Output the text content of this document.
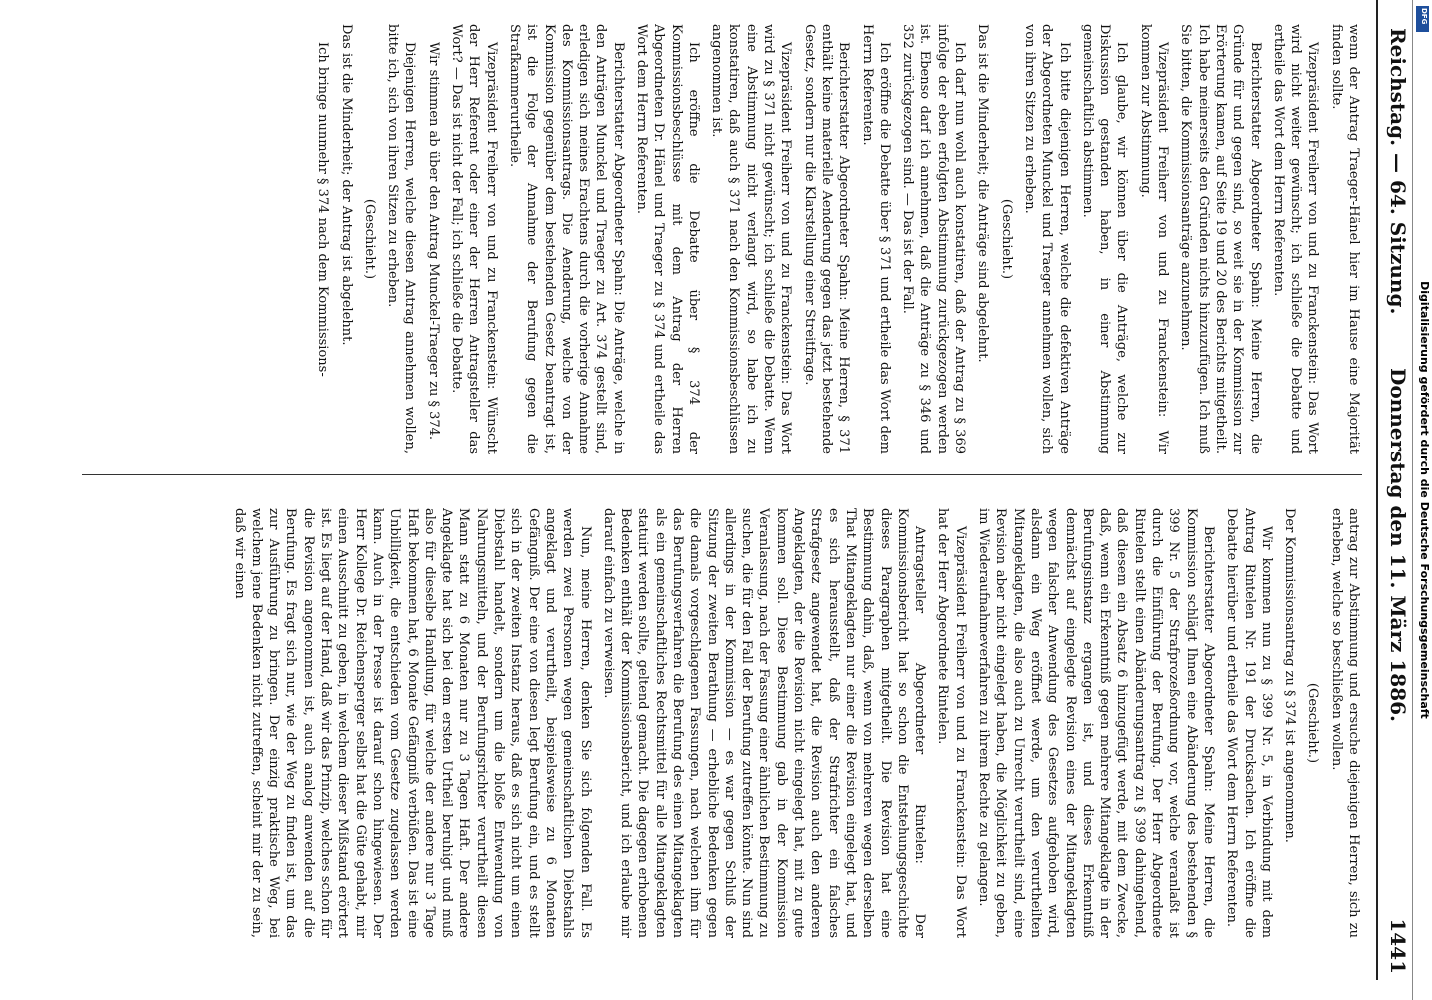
Reichstag. — 64. Sitzung.
Donnerstag den 11. März 1886.
1441

wenn der Antrag Traeger-Hänel hier im Hause eine Majorität finden sollte.

Vizepräsident Freiherr von und zu Franckenstein: Das Wort wird nicht weiter gewünscht; ich schließe die Debatte und ertheile das Wort dem Herrn Referenten.

Berichterstatter Abgeordneter Spahn: Meine Herren, die Gründe für und gegen sind, so weit sie in der Kommission zur Erörterung kamen, auf Seite 19 und 20 des Berichts mitgetheilt. Ich habe meinerseits den Gründen nichts hinzuzufügen. Ich muß Sie bitten, die Kommissionsanträge anzunehmen.

Vizepräsident Freiherr von und zu Franckenstein: Wir kommen zur Abstimmung.

Ich glaube, wir können über die Anträge, welche zur Diskussion gestanden haben, in einer Abstimmung gemeinschaftlich abstimmen.

Ich bitte diejenigen Herren, welche die defektiven Anträge der Abgeordneten Munckel und Traeger annehmen wollen, sich von ihren Sitzen zu erheben.

(Geschieht.)

Das ist die Minderheit; die Anträge sind abgelehnt.

Ich darf nun wohl auch konstatiren, daß der Antrag zu § 369 infolge der eben erfolgten Abstimmung zurückgezogen werden ist. Ebenso darf ich annehmen, daß die Anträge zu § 346 und 352 zurückgezogen sind. — Das ist der Fall.

Ich eröffne die Debatte über § 371 und ertheile das Wort dem Herrn Referenten.

Berichterstatter Abgeordneter Spahn: Meine Herren, § 371 enthält keine materielle Aenderung gegen das jetzt bestehende Gesetz, sondern nur die Klarstellung einer Streitfrage.

Vizepräsident Freiherr von und zu Franckenstein: Das Wort wird zu § 371 nicht gewünscht; ich schließe die Debatte. Wenn eine Abstimmung nicht verlangt wird, so habe ich zu konstatiren, daß auch § 371 nach den Kommissionsbeschlüssen angenommen ist.

Ich eröffne die Debatte über § 374 der Kommissionsbeschlüsse mit dem Antrag der Herren Abgeordneten Dr. Hänel und Traeger zu § 374 und ertheile das Wort dem Herrn Referenten.

Berichterstatter Abgeordneter Spahn: Die Anträge, welche in den Anträgen Munckel und Traeger zu Art. 374 gestellt sind, erledigen sich meines Erachtens durch die vorherige Annahme des Kommissionsantrags. Die Aenderung, welche von der Kommission gegenüber dem bestehenden Gesetz beantragt ist, ist die Folge der Annahme der Berufung gegen die Strafkammerurtheile.

Vizepräsident Freiherr von und zu Franckenstein: Wünscht der Herr Referent oder einer der Herren Antragsteller das Wort? — Das ist nicht der Fall; ich schließe die Debatte.

Wir stimmen ab über den Antrag Munckel-Traeger zu § 374.

Diejenigen Herren, welche diesen Antrag annehmen wollen, bitte ich, sich von ihren Sitzen zu erheben.

(Geschieht.)

Das ist die Minderheit; der Antrag ist abgelehnt.

Ich bringe nunmehr § 374 nach dem Kommissions-

antrag zur Abstimmung und ersuche diejenigen Herren, sich zu erheben, welche so beschließen wollen.

(Geschieht.)

Der Kommissionsantrag zu § 374 ist angenommen.

Wir kommen nun zu § 399 Nr. 5, in Verbindung mit dem Antrag Rintelen Nr. 191 der Drucksachen. Ich eröffne die Debatte hierüber und ertheile das Wort dem Herrn Referenten.

Berichterstatter Abgeordneter Spahn: Meine Herren, die Kommission schlägt Ihnen eine Abänderung des bestehenden § 399 Nr. 5 der Strafprozeßordnung vor, welche veranlaßt ist durch die Einführung der Berufung. Der Herr Abgeordnete Rintelen stellt einen Abänderungsantrag zu § 399 dahingehend, daß diesem ein Absatz 6 hinzugefügt werde, mit dem Zwecke, daß, wenn ein Erkenntniß gegen mehrere Mitangeklagte in der Berufungsinstanz ergangen ist, und dieses Erkenntniß demnächst auf eingelegte Revision eines der Mitangeklagten wegen falscher Anwendung des Gesetzes aufgehoben wird, alsdann ein Weg eröffnet werde, um den verurtheilten Mitangeklagten, die also auch zu Unrecht verurtheilt sind, eine Revision aber nicht eingelegt haben, die Möglichkeit zu geben, im Wiederaufnahmeverfahren zu ihrem Rechte zu gelangen.

Vizepräsident Freiherr von und zu Franckenstein: Das Wort hat der Herr Abgeordnete Rintelen.

Antragsteller Abgeordneter Rintelen: Der Kommissionsbericht hat so schon die Entstehungsgeschichte dieses Paragraphen mitgetheilt. Die Revision hat eine Bestimmung dahin, daß, wenn von mehreren wegen derselben That Mitangeklagten nur einer die Revision eingelegt hat, und es sich herausstellt, daß der Strafrichter ein falsches Strafgesetz angewendet hat, die Revision auch den anderen Angeklagten, der die Revision nicht eingelegt hat, mit zu gute kommen soll. Diese Bestimmung gab in der Kommission Veranlassung, nach der Fassung einer ähnlichen Bestimmung zu suchen, die für den Fall der Berufung zutreffen könnte. Nun sind allerdings in der Kommission — es war gegen Schluß der Sitzung der zweiten Berathung — erhebliche Bedenken gegen die damals vorgeschlagenen Fassungen, nach welchen ihm für das Berufungsverfahren die Berufung des einen Mitangeklagten als ein gemeinschaftliches Rechtsmittel für alle Mitangeklagten statuirt werden sollte, geltend gemacht. Die dagegen erhobenen Bedenken enthält der Kommissionsbericht, und ich erlaube mir darauf einfach zu verweisen.

Nun, meine Herren, denken Sie sich folgenden Fall. Es werden zwei Personen wegen gemeinschaftlichen Diebstahls angeklagt und verurtheilt, beispielsweise zu 6 Monaten Gefängniß. Der eine von diesen legt Berufung ein, und es stellt sich in der zweiten Instanz heraus, daß es sich nicht um einen Diebstahl handelt, sondern um die bloße Entwendung von Nahrungsmitteln, und der Berufungsrichter verurtheilt diesen Mann statt zu 6 Monaten nur zu 3 Tagen Haft. Der andere Angeklagte hat sich bei dem ersten Urtheil beruhigt und muß also für dieselbe Handlung, für welche der andere nur 3 Tage Haft bekommen hat, 6 Monate Gefängniß verbüßen. Das ist eine Unbilligkeit, die entschieden vom Gesetze zugelassen werden kann. Auch in der Presse ist darauf schon hingewiesen. Der Herr Kollege Dr. Reichensperger selbst hat die Güte gehabt, mir einen Ausschnitt zu geben, in welchem dieser Mißstand erörtert ist. Es liegt auf der Hand, daß wir das Prinzip, welches schon für die Revision angenommen ist, auch analog anwenden auf die Berufung. Es fragt sich nur, wie der Weg zu finden ist, um das zur Ausführung zu bringen. Der einzig praktische Weg, bei welchem jene Bedenken nicht zutreffen, scheint mir der zu sein, daß wir einen	Digitalisierung gefördert durch die Deutsche Forschungsgemeinschaft
DFG
